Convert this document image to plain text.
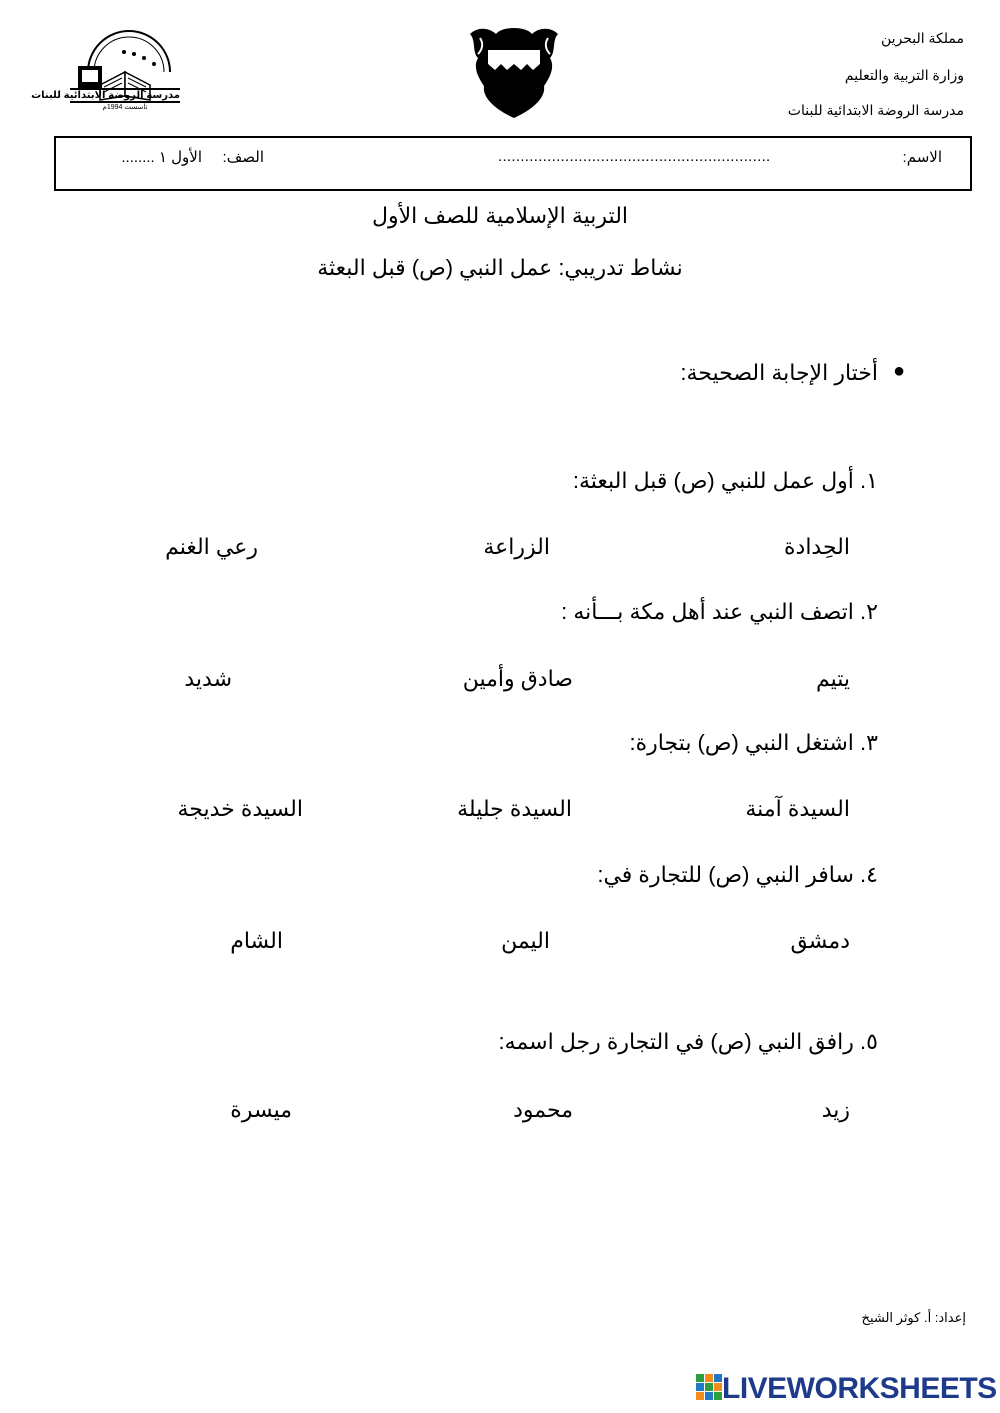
مدرسة الروضة الابتدائية للبنات
تأسست 1994م
مملكة البحرين
وزارة التربية والتعليم
مدرسة الروضة الابتدائية للبنات
الاسم:
.............................................................
الصف:
الأول ١ ........
التربية الإسلامية للصف الأول
نشاط تدريبي: عمل النبي (ص) قبل البعثة
●
أختار الإجابة الصحيحة:
١. أول عمل للنبي (ص) قبل البعثة:
الحِدادة
الزراعة
رعي الغنم
٢. اتصف النبي عند أهل مكة بـــأنه :
يتيم
صادق وأمين
شديد
٣. اشتغل النبي (ص) بتجارة:
السيدة آمنة
السيدة جليلة
السيدة خديجة
٤. سافر النبي (ص) للتجارة في:
دمشق
اليمن
الشام
٥. رافق النبي (ص) في التجارة رجل اسمه:
زيد
محمود
ميسرة
إعداد: أ. كوثر الشيخ
LIVEWORKSHEETS
